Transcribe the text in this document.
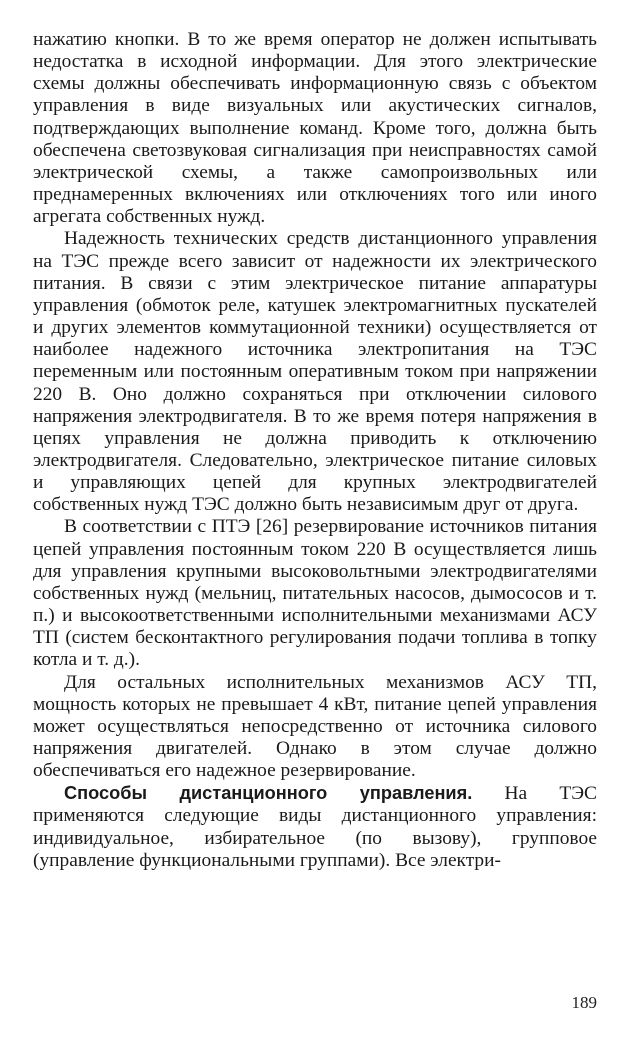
нажатию кнопки. В то же время оператор не должен испытывать недостатка в исходной информации. Для этого электрические схемы должны обеспечивать информационную связь с объектом управления в виде визуальных или акустических сигналов, подтверждающих выполнение команд. Кроме того, должна быть обеспечена светозвуковая сигнализация при неисправностях самой электрической схемы, а также самопроизвольных или преднамеренных включениях или отключениях того или иного агрегата собственных нужд.

Надежность технических средств дистанционного управления на ТЭС прежде всего зависит от надежности их электрического питания. В связи с этим электрическое питание аппаратуры управления (обмоток реле, катушек электромагнитных пускателей и других элементов коммутационной техники) осуществляется от наиболее надежного источника электропитания на ТЭС переменным или постоянным оперативным током при напряжении 220 В. Оно должно сохраняться при отключении силового напряжения электродвигателя. В то же время потеря напряжения в цепях управления не должна приводить к отключению электродвигателя. Следовательно, электрическое питание силовых и управляющих цепей для крупных электродвигателей собственных нужд ТЭС должно быть независимым друг от друга.

В соответствии с ПТЭ [26] резервирование источников питания цепей управления постоянным током 220 В осуществляется лишь для управления крупными высоковольтными электродвигателями собственных нужд (мельниц, питательных насосов, дымососов и т. п.) и высокоответственными исполнительными механизмами АСУ ТП (систем бесконтактного регулирования подачи топлива в топку котла и т. д.).

Для остальных исполнительных механизмов АСУ ТП, мощность которых не превышает 4 кВт, питание цепей управления может осуществляться непосредственно от источника силового напряжения двигателей. Однако в этом случае должно обеспечиваться его надежное резервирование.

Способы дистанционного управления. На ТЭС применяются следующие виды дистанционного управления: индивидуальное, избирательное (по вызову), групповое (управление функциональными группами). Все электри-

189
